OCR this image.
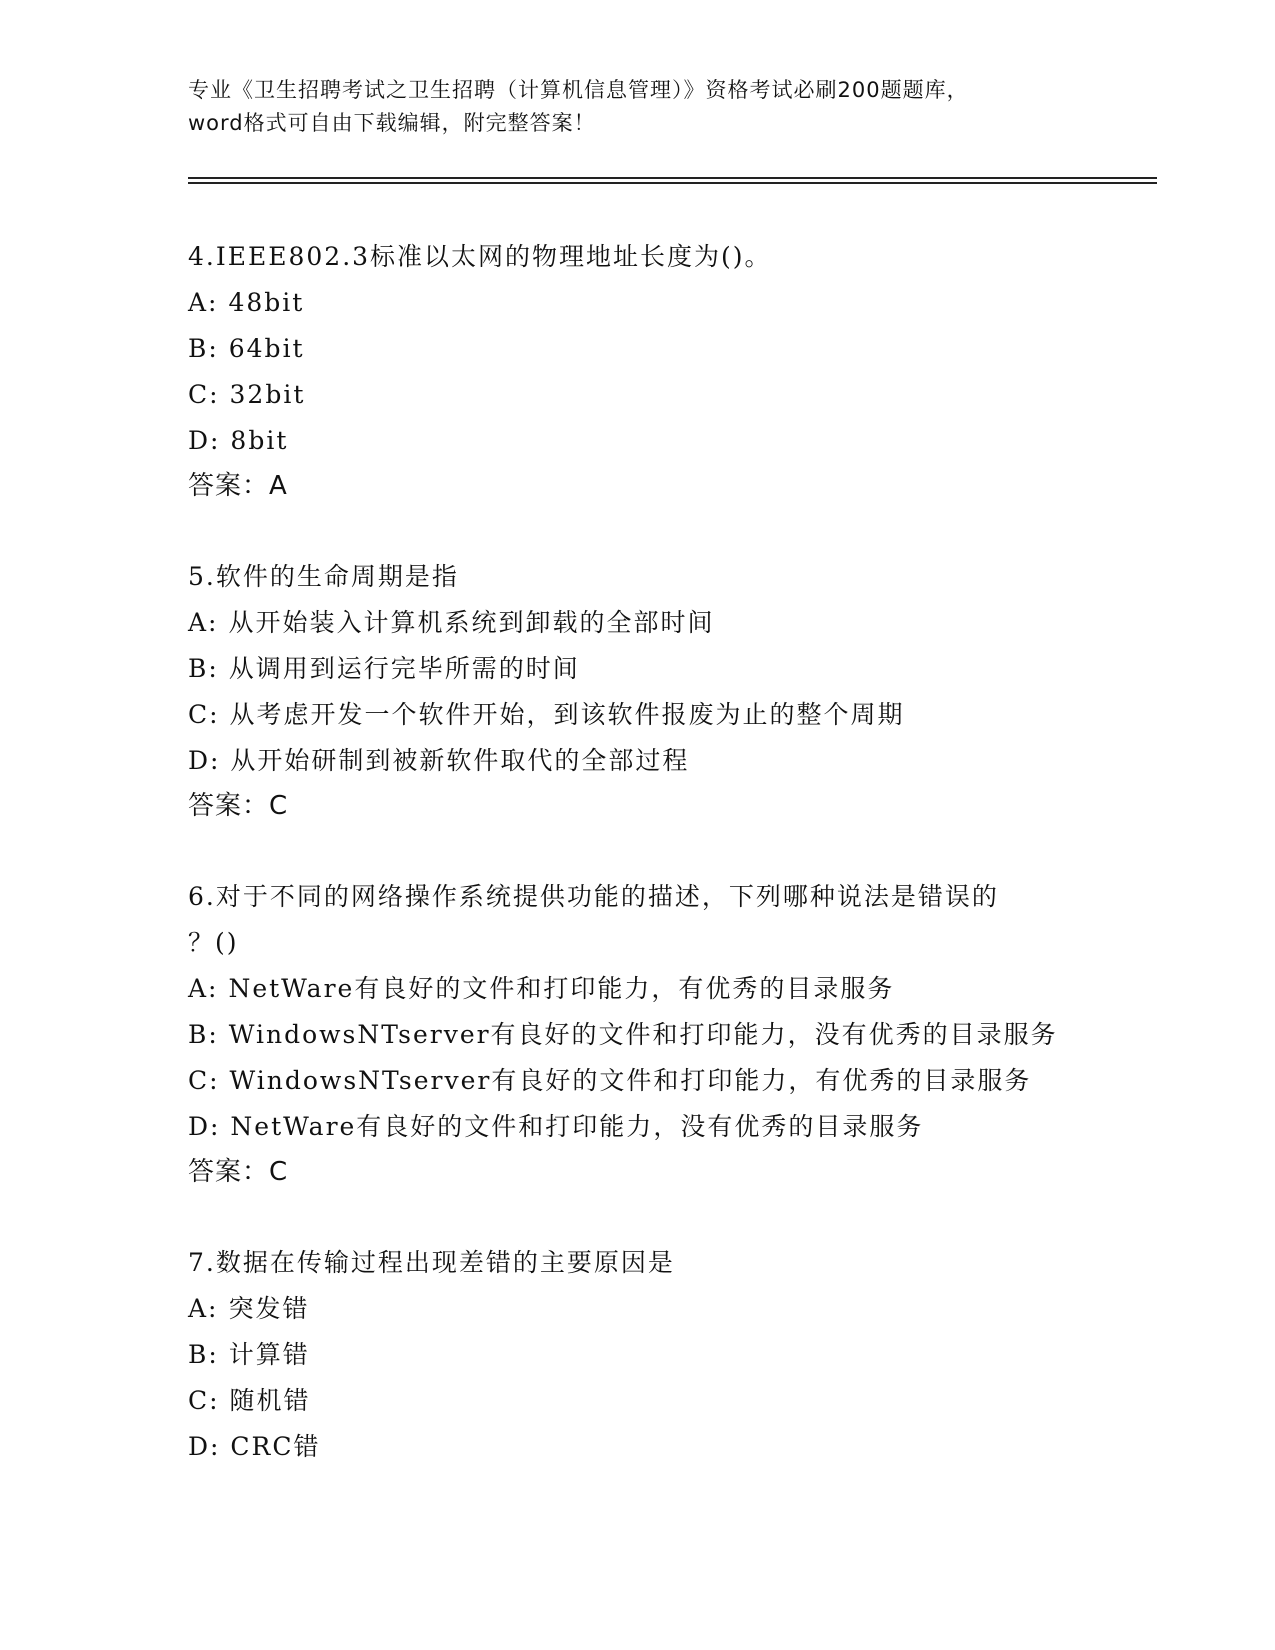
专业《卫生招聘考试之卫生招聘（计算机信息管理）》资格考试必刷200题题库，
word格式可自由下载编辑，附完整答案！
4.IEEE802.3标准以太网的物理地址长度为()。
A: 48bit
B: 64bit
C: 32bit
D: 8bit
答案：A
5.软件的生命周期是指
A: 从开始装入计算机系统到卸载的全部时间
B: 从调用到运行完毕所需的时间
C: 从考虑开发一个软件开始，到该软件报废为止的整个周期
D: 从开始研制到被新软件取代的全部过程
答案：C
6.对于不同的网络操作系统提供功能的描述，下列哪种说法是错误的
？()
A: NetWare有良好的文件和打印能力，有优秀的目录服务
B: WindowsNTserver有良好的文件和打印能力，没有优秀的目录服务
C: WindowsNTserver有良好的文件和打印能力，有优秀的目录服务
D: NetWare有良好的文件和打印能力，没有优秀的目录服务
答案：C
7.数据在传输过程出现差错的主要原因是
A: 突发错
B: 计算错
C: 随机错
D: CRC错
